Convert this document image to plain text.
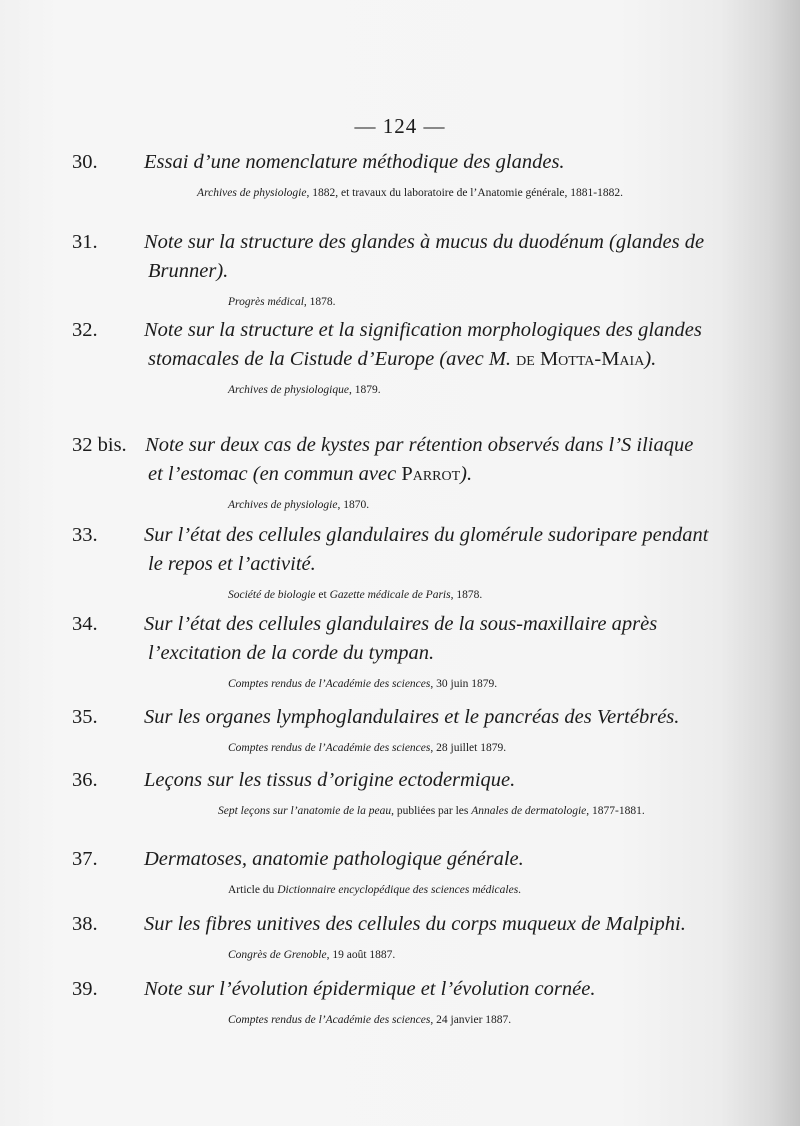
— 124 —
30. Essai d’une nomenclature méthodique des glandes.
Archives de physiologie, 1882, et travaux du laboratoire de l’Anatomie générale, 1881-1882.
31. Note sur la structure des glandes à mucus du duodénum (glandes de Brunner).
Progrès médical, 1878.
32. Note sur la structure et la signification morphologiques des glandes stomacales de la Cistude d’Europe (avec M. de Motta-Maia).
Archives de physiologique, 1879.
32 bis. Note sur deux cas de kystes par rétention observés dans l’S iliaque et l’estomac (en commun avec Parrot).
Archives de physiologie, 1870.
33. Sur l’état des cellules glandulaires du glomérule sudoripare pendant le repos et l’activité.
Société de biologie et Gazette médicale de Paris, 1878.
34. Sur l’état des cellules glandulaires de la sous-maxillaire après l’excitation de la corde du tympan.
Comptes rendus de l’Académie des sciences, 30 juin 1879.
35. Sur les organes lymphoglandulaires et le pancréas des Vertébrés.
Comptes rendus de l’Académie des sciences, 28 juillet 1879.
36. Leçons sur les tissus d’origine ectodermique.
Sept leçons sur l’anatomie de la peau, publiées par les Annales de dermatologie, 1877-1881.
37. Dermatoses, anatomie pathologique générale.
Article du Dictionnaire encyclopédique des sciences médicales.
38. Sur les fibres unitives des cellules du corps muqueux de Malpiphi.
Congrès de Grenoble, 19 août 1887.
39. Note sur l’évolution épidermique et l’évolution cornée.
Comptes rendus de l’Académie des sciences, 24 janvier 1887.
